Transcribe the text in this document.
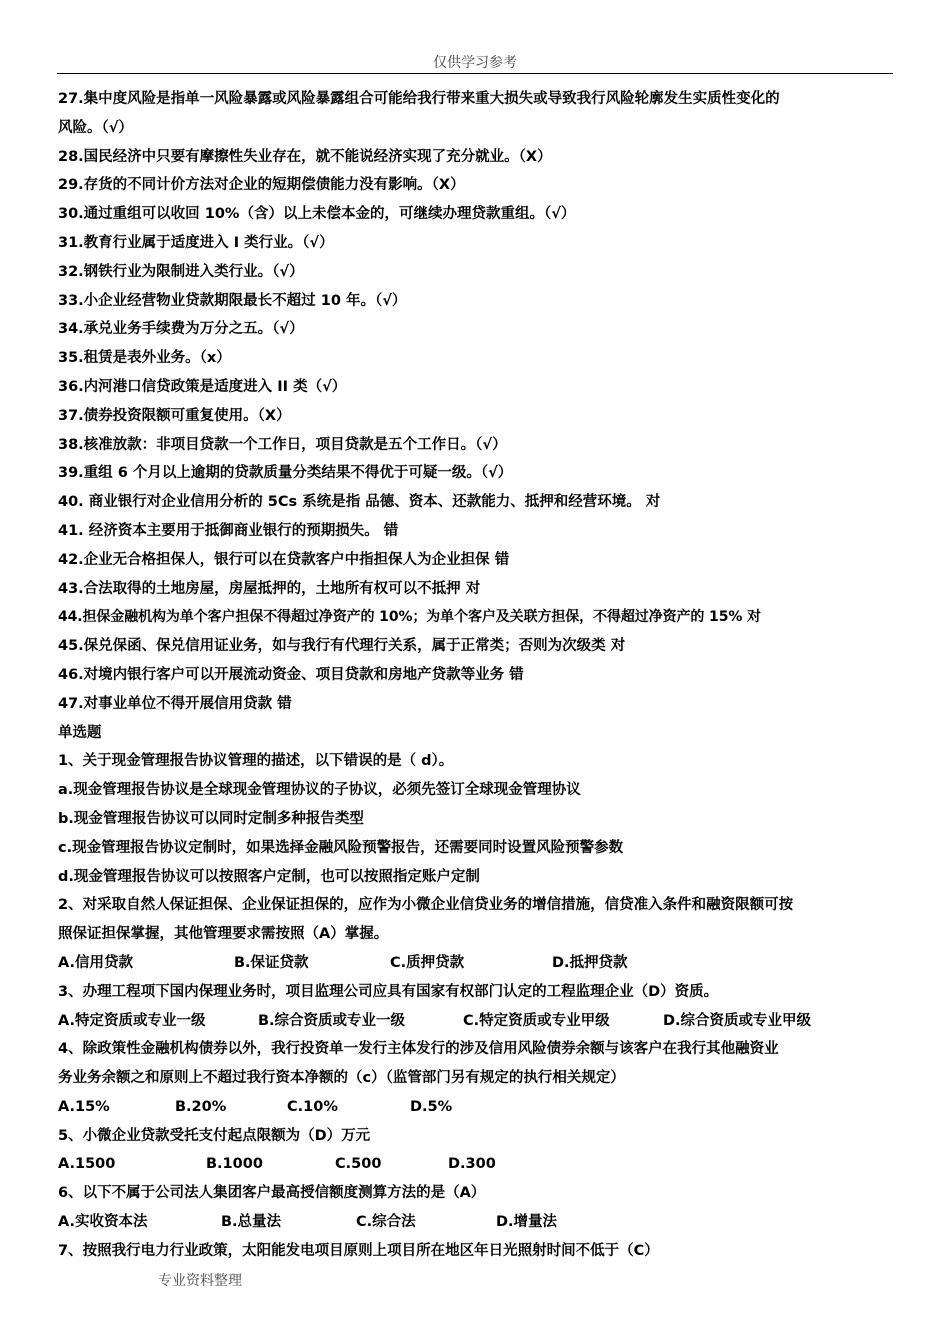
仅供学习参考
27.集中度风险是指单一风险暴露或风险暴露组合可能给我行带来重大损失或导致我行风险轮廓发生实质性变化的
风险。（√）
28.国民经济中只要有摩擦性失业存在，就不能说经济实现了充分就业。（X）
29.存货的不同计价方法对企业的短期偿债能力没有影响。（X）
30.通过重组可以收回 10%（含）以上未偿本金的，可继续办理贷款重组。（√）
31.教育行业属于适度进入 I 类行业。（√）
32.钢铁行业为限制进入类行业。（√）
33.小企业经营物业贷款期限最长不超过 10 年。（√）
34.承兑业务手续费为万分之五。（√）
35.租赁是表外业务。（x）
36.内河港口信贷政策是适度进入 II 类（√）
37.债券投资限额可重复使用。（X）
38.核准放款：非项目贷款一个工作日，项目贷款是五个工作日。（√）
39.重组 6 个月以上逾期的贷款质量分类结果不得优于可疑一级。（√）
40. 商业银行对企业信用分析的 5Cs 系统是指 品德、资本、还款能力、抵押和经营环境。 对
41. 经济资本主要用于抵御商业银行的预期损失。 错
42.企业无合格担保人，银行可以在贷款客户中指担保人为企业担保 错
43.合法取得的土地房屋，房屋抵押的，土地所有权可以不抵押 对
44.担保金融机构为单个客户担保不得超过净资产的 10%；为单个客户及关联方担保，不得超过净资产的 15% 对
45.保兑保函、保兑信用证业务，如与我行有代理行关系，属于正常类；否则为次级类 对
46.对境内银行客户可以开展流动资金、项目贷款和房地产贷款等业务 错
47.对事业单位不得开展信用贷款 错
单选题
1、关于现金管理报告协议管理的描述，以下错误的是（ d）。
a.现金管理报告协议是全球现金管理协议的子协议，必须先签订全球现金管理协议
b.现金管理报告协议可以同时定制多种报告类型
c.现金管理报告协议定制时，如果选择金融风险预警报告，还需要同时设置风险预警参数
d.现金管理报告协议可以按照客户定制，也可以按照指定账户定制
2、对采取自然人保证担保、企业保证担保的，应作为小微企业信贷业务的增信措施，信贷准入条件和融资限额可按
照保证担保掌握，其他管理要求需按照（A）掌握。
A.信用贷款	B.保证贷款	C.质押贷款	D.抵押贷款
3、办理工程项下国内保理业务时，项目监理公司应具有国家有权部门认定的工程监理企业（D）资质。
A.特定资质或专业一级	B.综合资质或专业一级	C.特定资质或专业甲级	D.综合资质或专业甲级
4、除政策性金融机构债券以外，我行投资单一发行主体发行的涉及信用风险债券余额与该客户在我行其他融资业
务业务余额之和原则上不超过我行资本净额的（c）（监管部门另有规定的执行相关规定）
A.15%	B.20%	C.10%	D.5%
5、小微企业贷款受托支付起点限额为（D）万元
A.1500	B.1000	C.500	D.300
6、以下不属于公司法人集团客户最高授信额度测算方法的是（A）
A.实收资本法	B.总量法	C.综合法	D.增量法
7、按照我行电力行业政策，太阳能发电项目原则上项目所在地区年日光照射时间不低于（C）
专业资料整理
